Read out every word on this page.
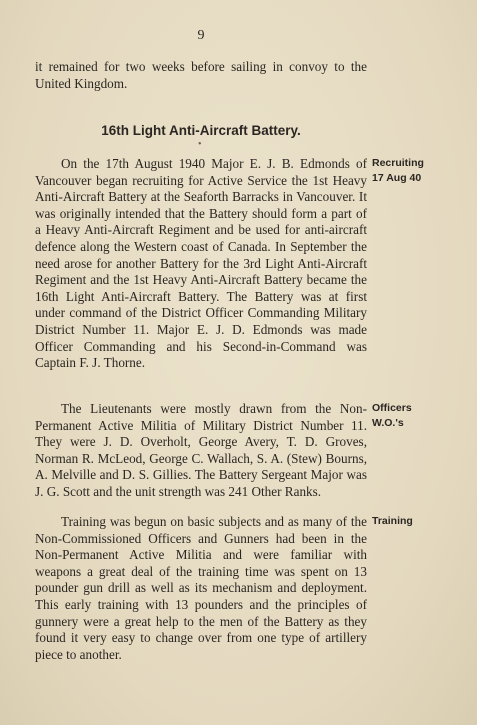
9

it remained for two weeks before sailing in convoy to the United Kingdom.

16th Light Anti-Aircraft Battery.
•

On the 17th August 1940 Major E. J. B. Edmonds of Vancouver began recruiting for Active Service the 1st Heavy Anti-Aircraft Battery at the Seaforth Barracks in Vancouver. It was originally intended that the Battery should form a part of a Heavy Anti-Aircraft Regiment and be used for anti-aircraft defence along the Western coast of Canada. In September the need arose for another Battery for the 3rd Light Anti-Aircraft Regiment and the 1st Heavy Anti-Aircraft Battery became the 16th Light Anti-Aircraft Battery. The Battery was at first under command of the District Officer Commanding Military District Number 11. Major E. J. D. Edmonds was made Officer Commanding and his Second-in-Command was Captain F. J. Thorne.

The Lieutenants were mostly drawn from the Non-Permanent Active Militia of Military District Number 11. They were J. D. Overholt, George Avery, T. D. Groves, Norman R. McLeod, George C. Wallach, S. A. (Stew) Bourns, A. Melville and D. S. Gillies. The Battery Sergeant Major was J. G. Scott and the unit strength was 241 Other Ranks.

Training was begun on basic subjects and as many of the Non-Commissioned Officers and Gunners had been in the Non-Permanent Active Militia and were familiar with weapons a great deal of the training time was spent on 13 pounder gun drill as well as its mechanism and deployment. This early training with 13 pounders and the principles of gunnery were a great help to the men of the Battery as they found it very easy to change over from one type of artillery piece to another.

Recruiting
17 Aug 40
Officers
W.O.'s
Training
